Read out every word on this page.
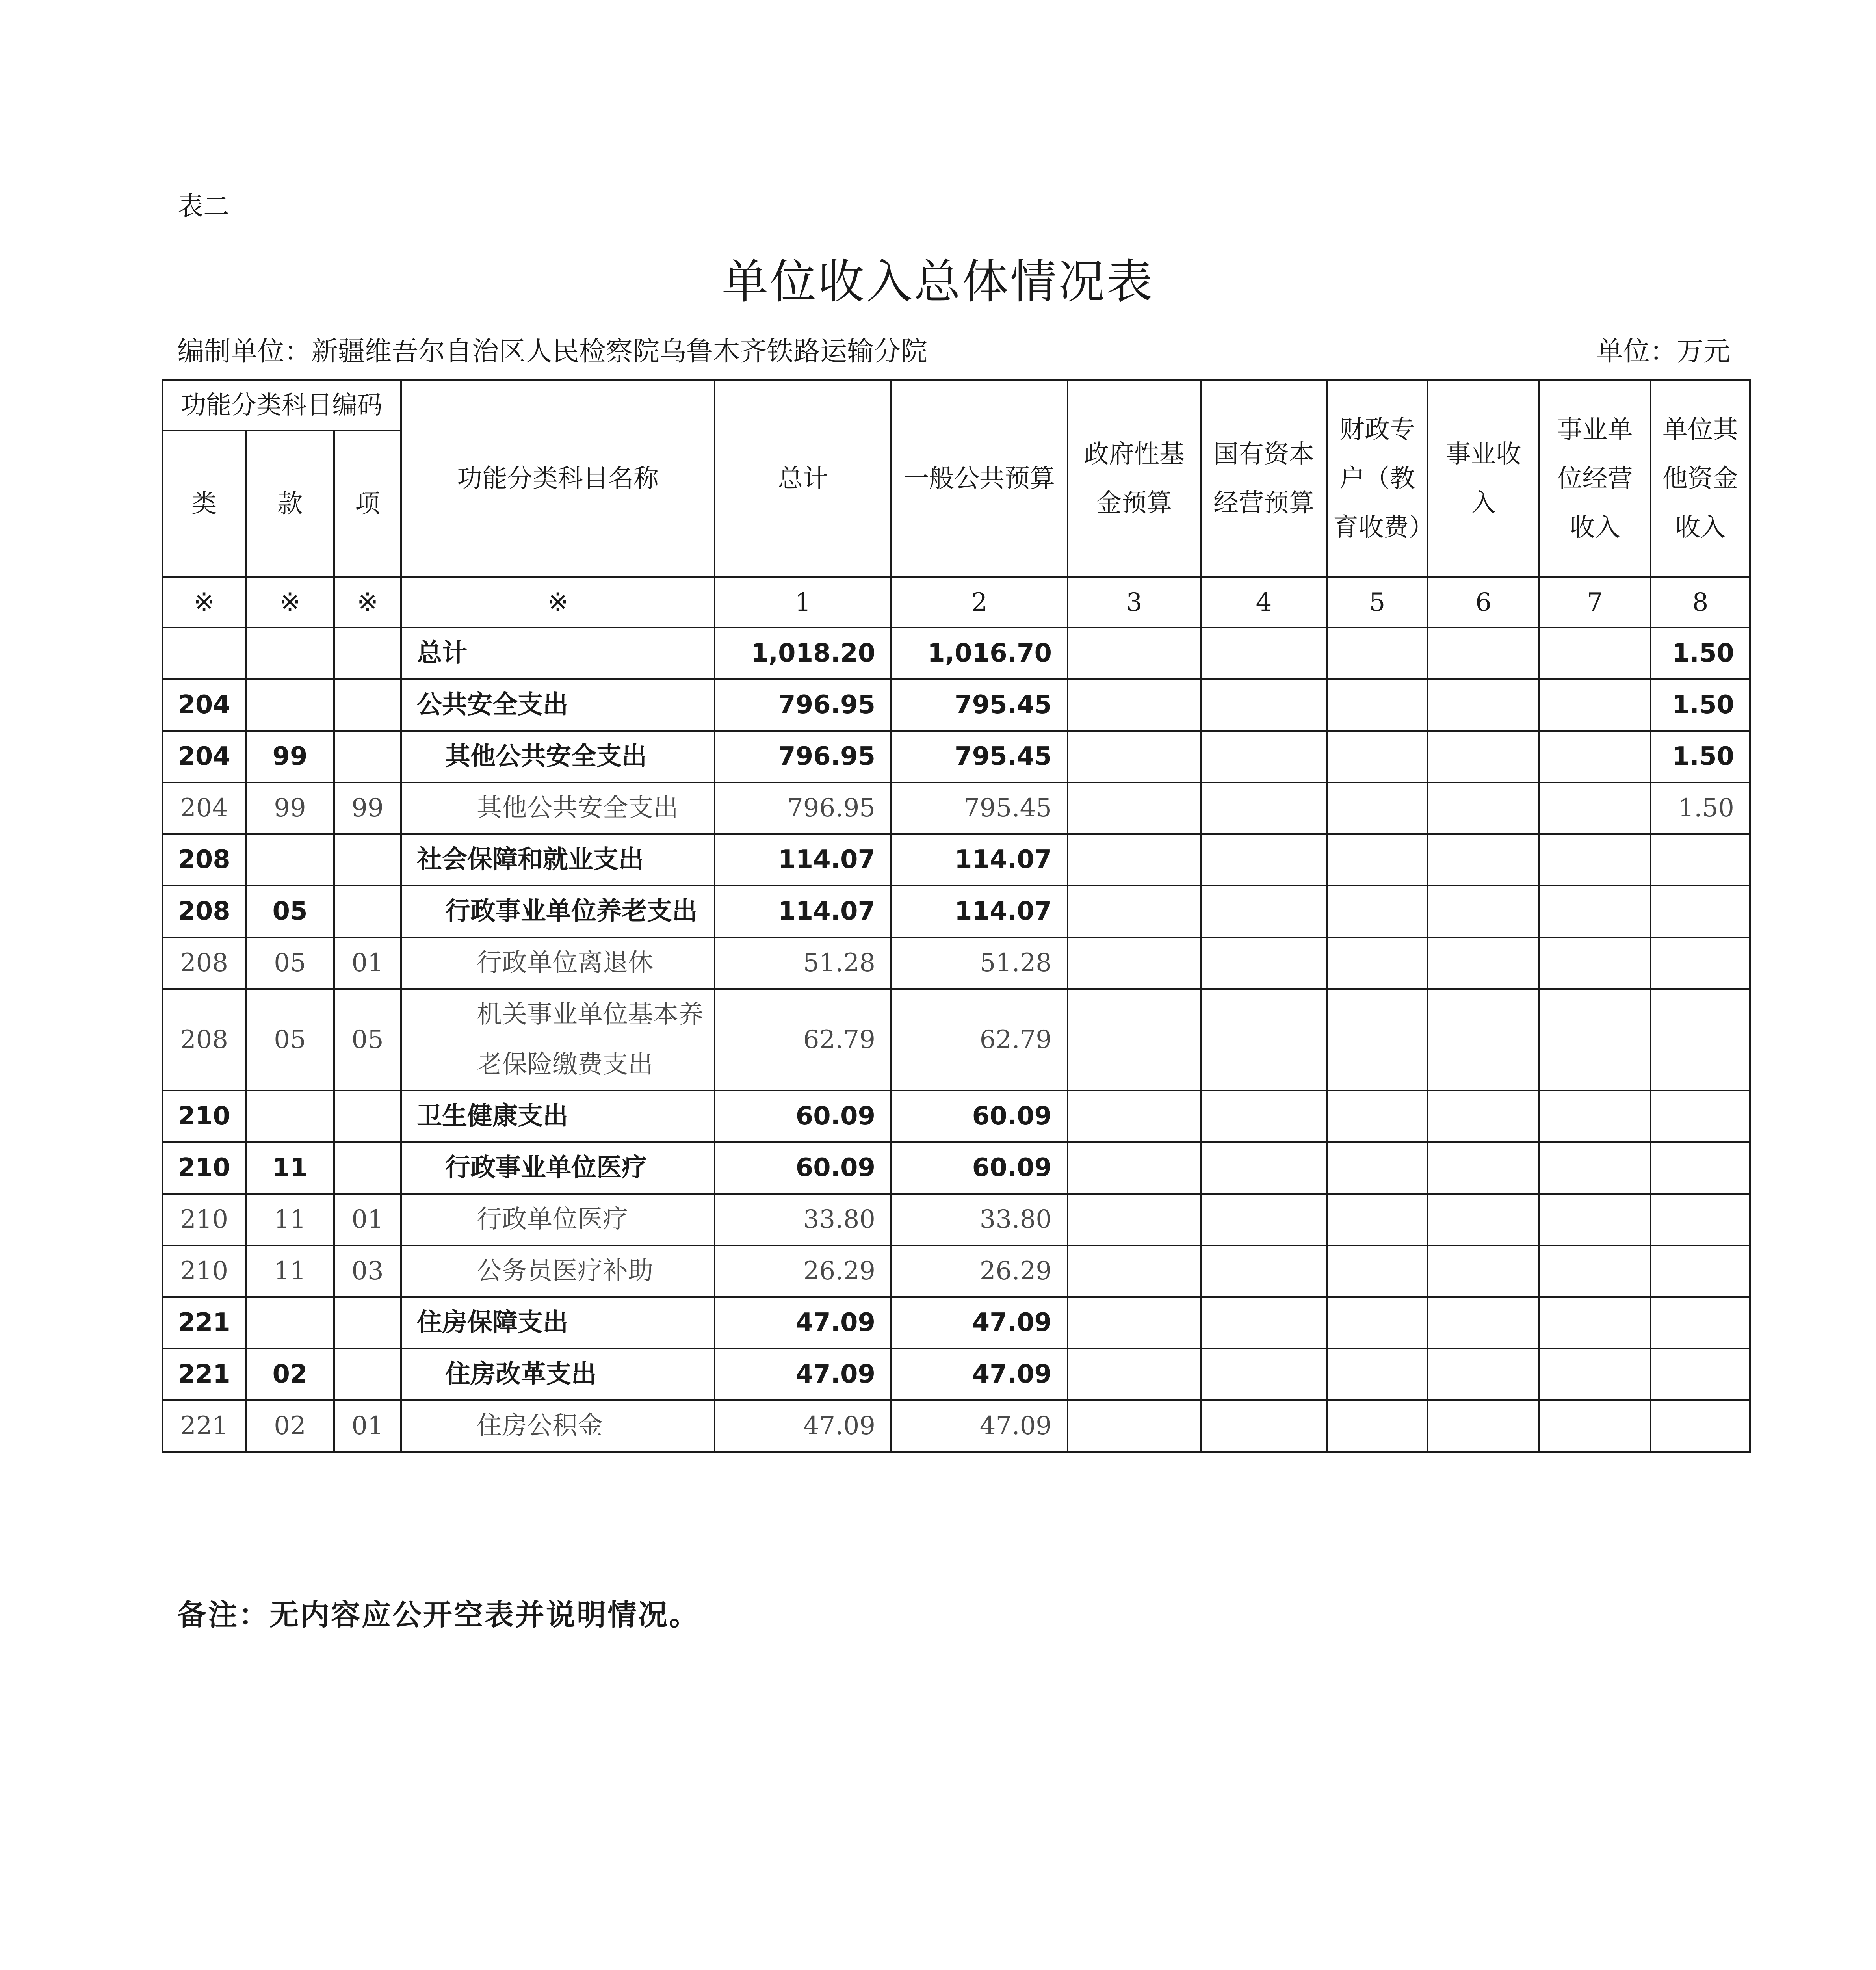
表二
单位收入总体情况表
编制单位：新疆维吾尔自治区人民检察院乌鲁木齐铁路运输分院	单位：万元
功能分类科目编码			功能分类科目名称	总计	一般公共预算	政府性基金预算	国有资本经营预算	财政专户（教育收费）	事业收入	事业单位经营收入	单位其他资金收入
类	款	项									
※	※	※	※	1	2	3	4	5	6	7	8
			总计	1,018.20	1,016.70						1.50
204			公共安全支出	796.95	795.45						1.50
204	99		其他公共安全支出	796.95	795.45						1.50
204	99	99	其他公共安全支出	796.95	795.45						1.50
208			社会保障和就业支出	114.07	114.07						
208	05		行政事业单位养老支出	114.07	114.07						
208	05	01	行政单位离退休	51.28	51.28						
208	05	05	机关事业单位基本养老保险缴费支出	62.79	62.79						
210			卫生健康支出	60.09	60.09						
210	11		行政事业单位医疗	60.09	60.09						
210	11	01	行政单位医疗	33.80	33.80						
210	11	03	公务员医疗补助	26.29	26.29						
221			住房保障支出	47.09	47.09						
221	02		住房改革支出	47.09	47.09						
221	02	01	住房公积金	47.09	47.09						
备注：无内容应公开空表并说明情况。
